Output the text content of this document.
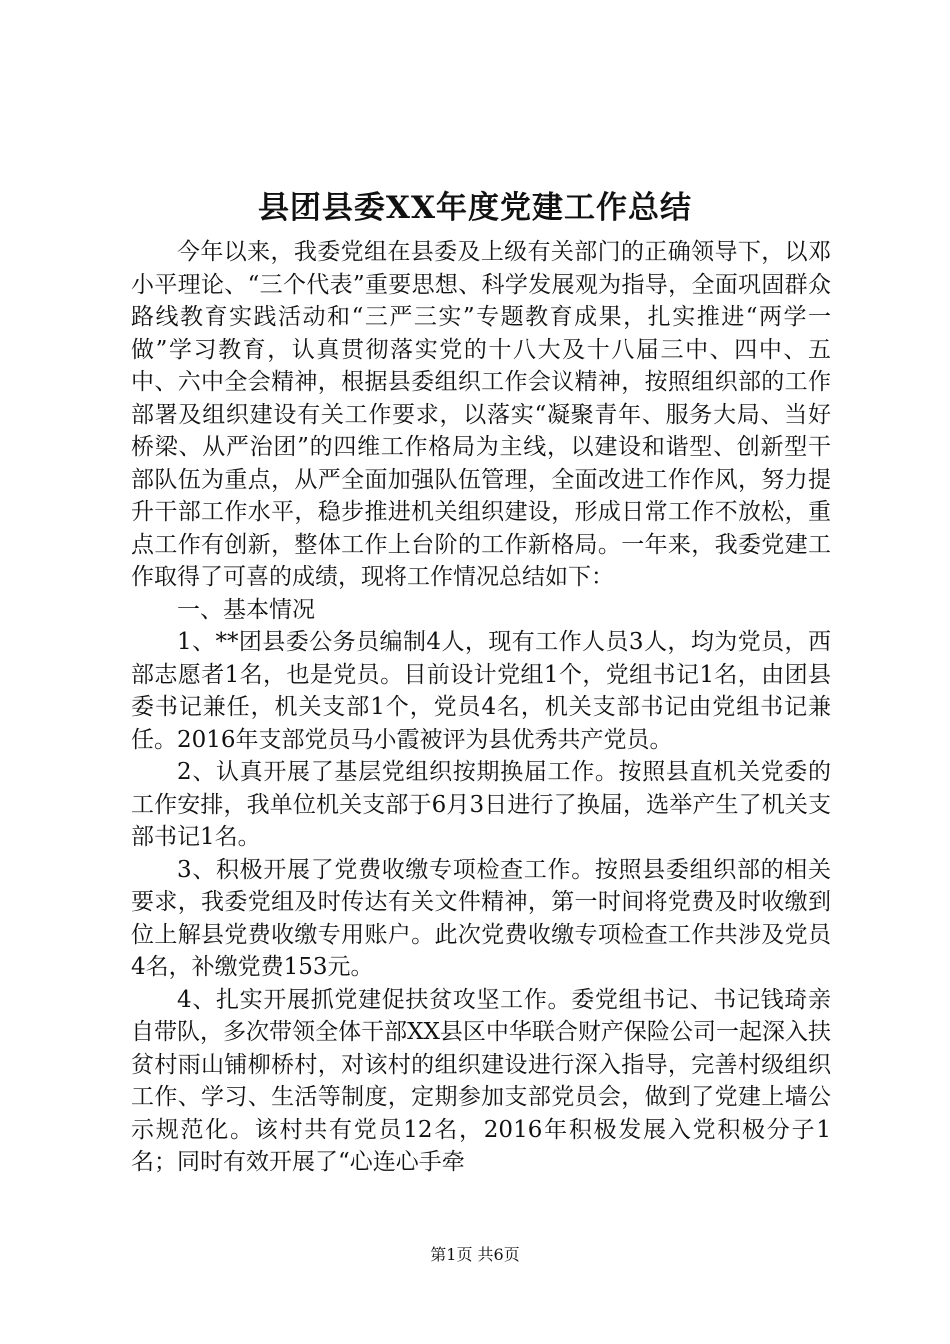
县团县委XX年度党建工作总结

今年以来，我委党组在县委及上级有关部门的正确领导下，以邓小平理论、“三个代表”重要思想、科学发展观为指导，全面巩固群众路线教育实践活动和“三严三实”专题教育成果，扎实推进“两学一做”学习教育，认真贯彻落实党的十八大及十八届三中、四中、五中、六中全会精神，根据县委组织工作会议精神，按照组织部的工作部署及组织建设有关工作要求，以落实“凝聚青年、服务大局、当好桥梁、从严治团”的四维工作格局为主线，以建设和谐型、创新型干部队伍为重点，从严全面加强队伍管理，全面改进工作作风，努力提升干部工作水平，稳步推进机关组织建设，形成日常工作不放松，重点工作有创新，整体工作上台阶的工作新格局。一年来，我委党建工作取得了可喜的成绩，现将工作情况总结如下：

一、基本情况

1、**团县委公务员编制4人，现有工作人员3人，均为党员，西部志愿者1名，也是党员。目前设计党组1个，党组书记1名，由团县委书记兼任，机关支部1个，党员4名，机关支部书记由党组书记兼任。2016年支部党员马小霞被评为县优秀共产党员。

2、认真开展了基层党组织按期换届工作。按照县直机关党委的工作安排，我单位机关支部于6月3日进行了换届，选举产生了机关支部书记1名。

3、积极开展了党费收缴专项检查工作。按照县委组织部的相关要求，我委党组及时传达有关文件精神，第一时间将党费及时收缴到位上解县党费收缴专用账户。此次党费收缴专项检查工作共涉及党员4名，补缴党费153元。

4、扎实开展抓党建促扶贫攻坚工作。委党组书记、书记钱琦亲自带队，多次带领全体干部XX县区中华联合财产保险公司一起深入扶贫村雨山铺柳桥村，对该村的组织建设进行深入指导，完善村级组织工作、学习、生活等制度，定期参加支部党员会，做到了党建上墙公示规范化。该村共有党员12名，2016年积极发展入党积极分子1名；同时有效开展了“心连心手牵

第1页 共6页
